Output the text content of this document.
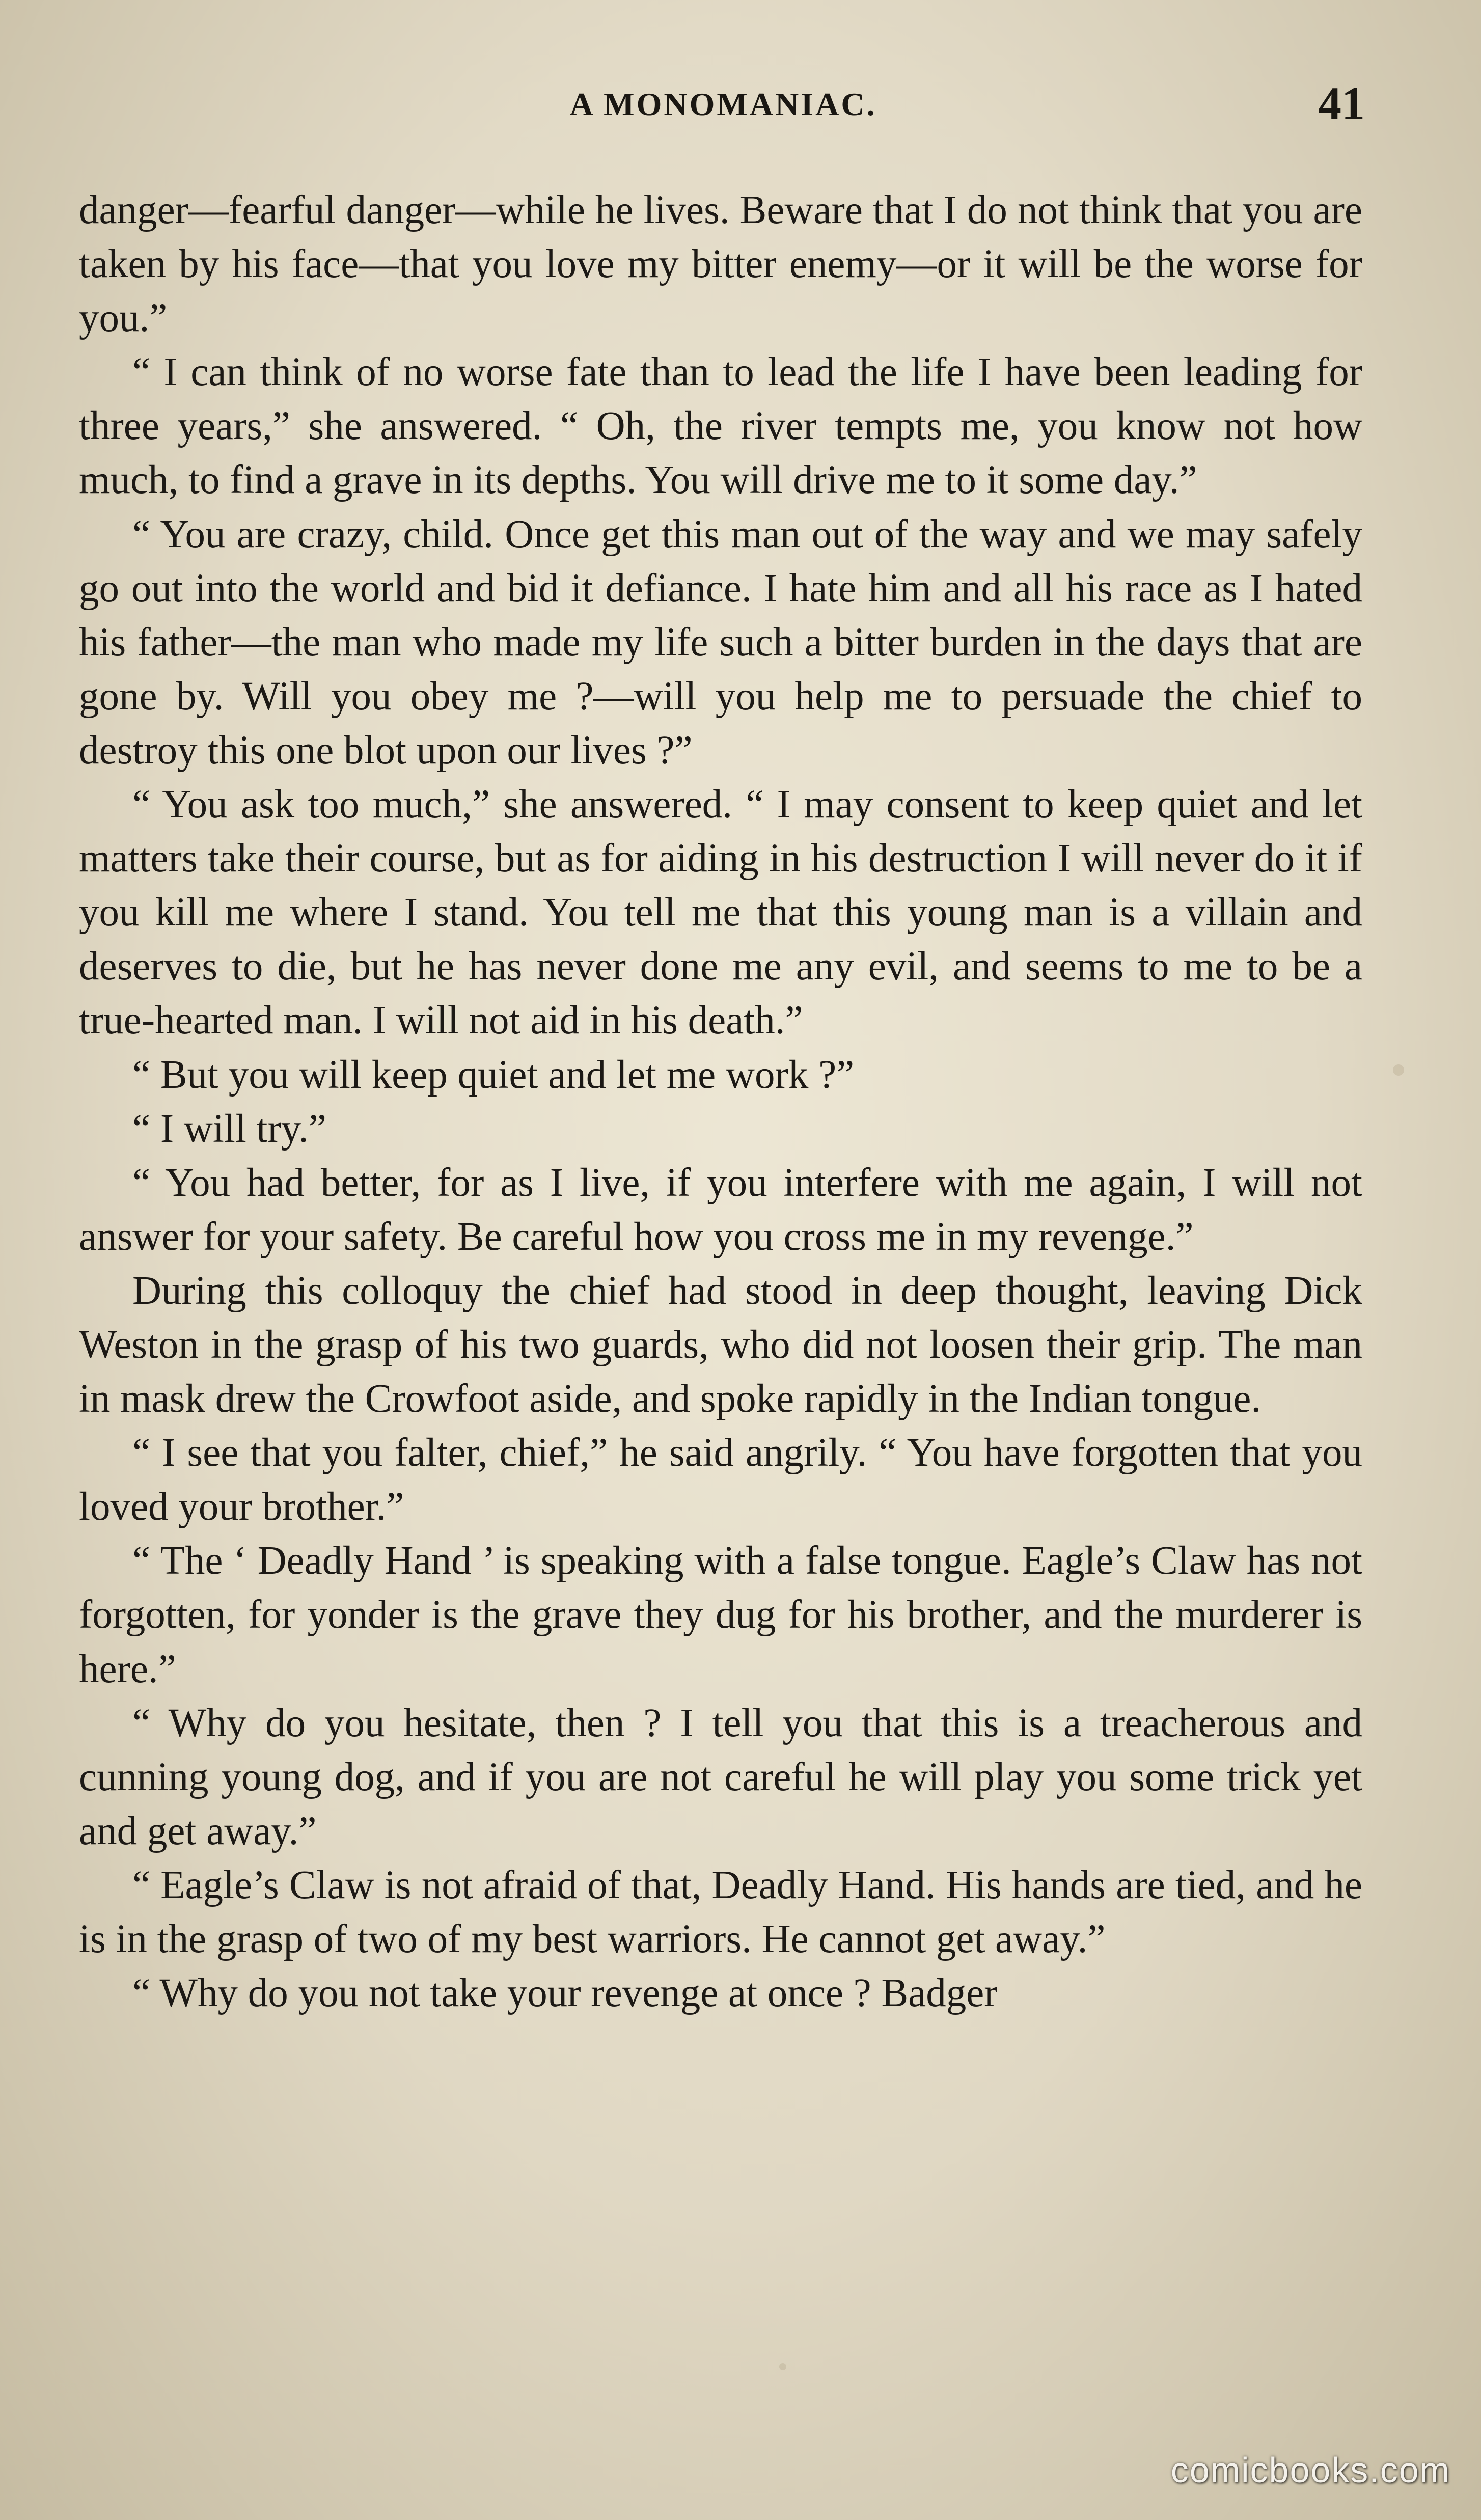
A MONOMANIAC.	41

danger—fearful danger—while he lives. Beware that I do not think that you are taken by his face—that you love my bitter enemy—or it will be the worse for you.”

“ I can think of no worse fate than to lead the life I have been leading for three years,” she answered. “ Oh, the river tempts me, you know not how much, to find a grave in its depths. You will drive me to it some day.”

“ You are crazy, child. Once get this man out of the way and we may safely go out into the world and bid it defiance. I hate him and all his race as I hated his father—the man who made my life such a bitter burden in the days that are gone by. Will you obey me ?—will you help me to persuade the chief to destroy this one blot upon our lives ?”

“ You ask too much,” she answered. “ I may consent to keep quiet and let matters take their course, but as for aiding in his destruction I will never do it if you kill me where I stand. You tell me that this young man is a villain and deserves to die, but he has never done me any evil, and seems to me to be a true-hearted man. I will not aid in his death.”

“ But you will keep quiet and let me work ?”

“ I will try.”

“ You had better, for as I live, if you interfere with me again, I will not answer for your safety. Be careful how you cross me in my revenge.”

During this colloquy the chief had stood in deep thought, leaving Dick Weston in the grasp of his two guards, who did not loosen their grip. The man in mask drew the Crowfoot aside, and spoke rapidly in the Indian tongue.

“ I see that you falter, chief,” he said angrily. “ You have forgotten that you loved your brother.”

“ The ‘ Deadly Hand ’ is speaking with a false tongue. Eagle’s Claw has not forgotten, for yonder is the grave they dug for his brother, and the murderer is here.”

“ Why do you hesitate, then ? I tell you that this is a treacherous and cunning young dog, and if you are not careful he will play you some trick yet and get away.”

“ Eagle’s Claw is not afraid of that, Deadly Hand. His hands are tied, and he is in the grasp of two of my best warriors. He cannot get away.”

“ Why do you not take your revenge at once ? Badger

comicbooks.com
